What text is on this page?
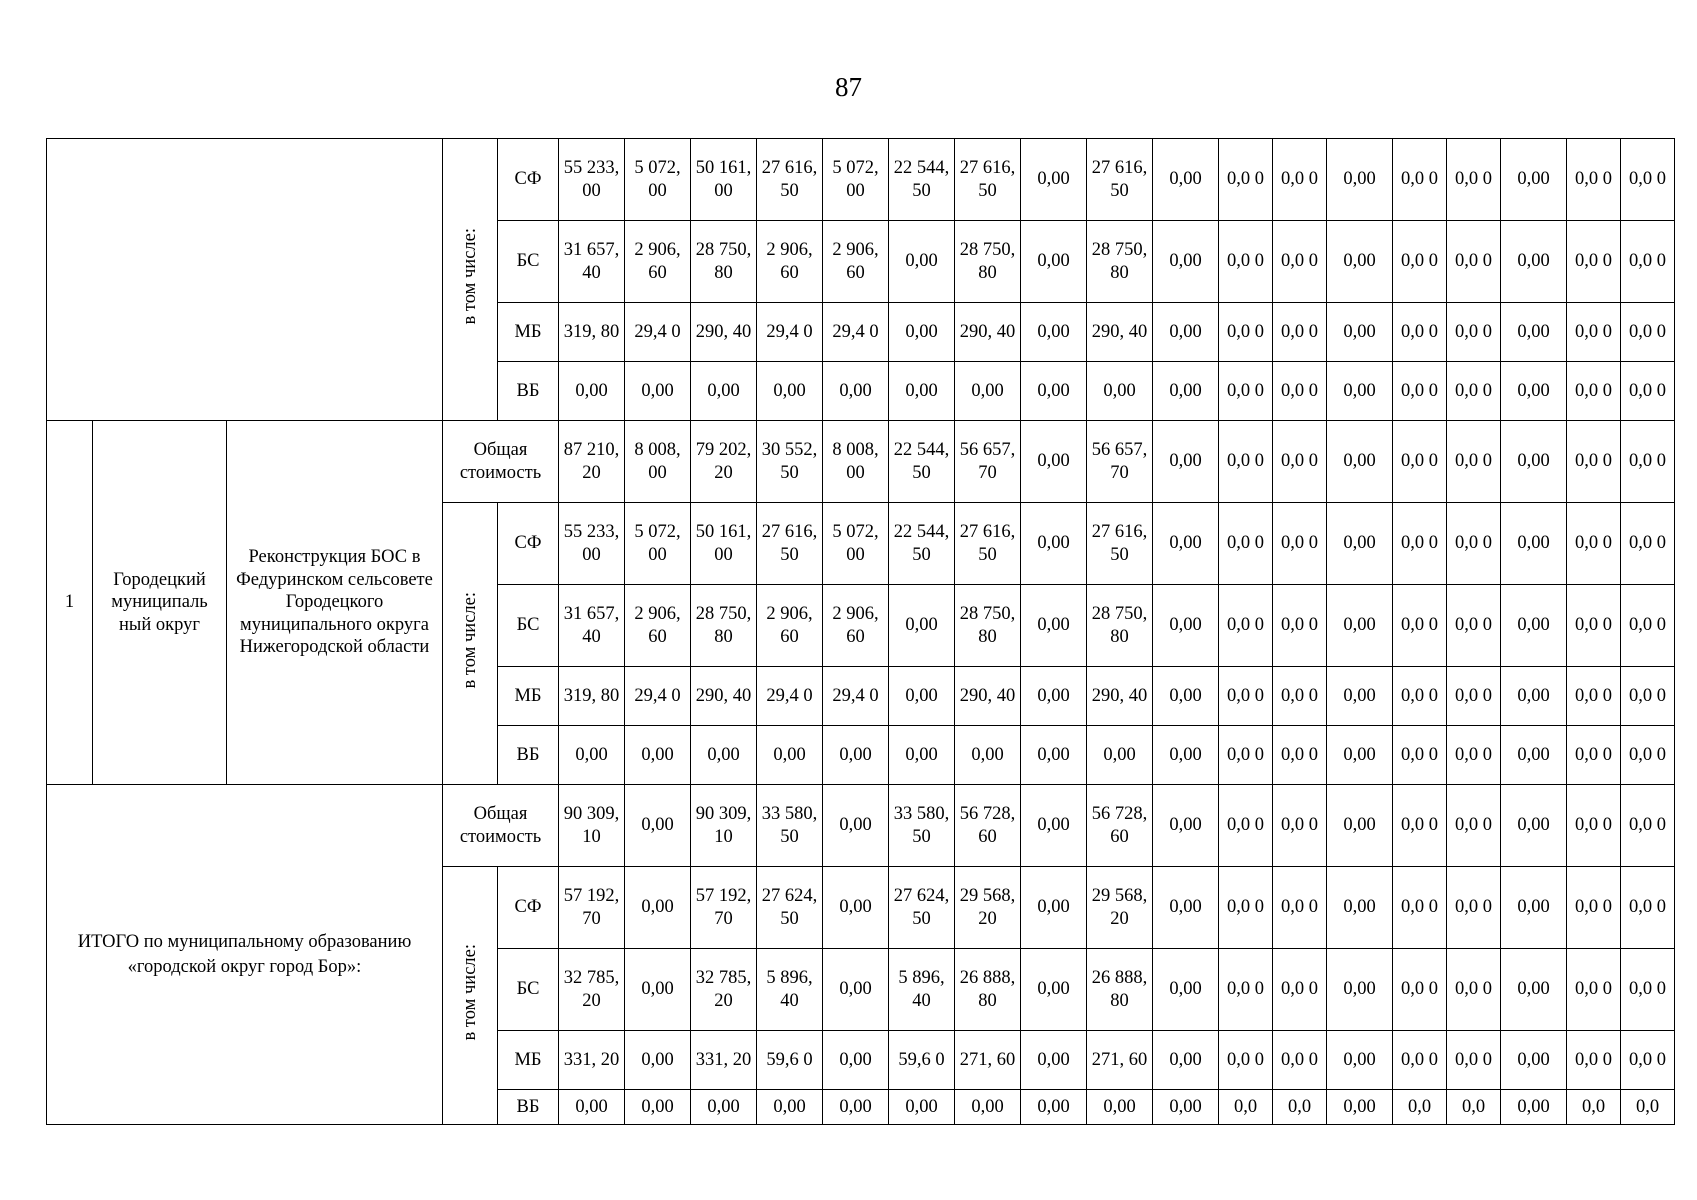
87
			в том числе:	СФ	55 233, 00	5 072, 00	50 161, 00	27 616, 50	5 072, 00	22 544, 50	27 616, 50	0,00	27 616, 50	0,00	0,0 0	0,0 0	0,00	0,0 0	0,0 0	0,00	0,0 0	0,0 0
				БС	31 657, 40	2 906, 60	28 750, 80	2 906, 60	2 906, 60	0,00	28 750, 80	0,00	28 750, 80	0,00	0,0 0	0,0 0	0,00	0,0 0	0,0 0	0,00	0,0 0	0,0 0
				МБ	319, 80	29,4 0	290, 40	29,4 0	29,4 0	0,00	290, 40	0,00	290, 40	0,00	0,0 0	0,0 0	0,00	0,0 0	0,0 0	0,00	0,0 0	0,0 0
				ВБ	0,00	0,00	0,00	0,00	0,00	0,00	0,00	0,00	0,00	0,00	0,0 0	0,0 0	0,00	0,0 0	0,0 0	0,00	0,0 0	0,0 0
1	Городецкий муниципаль ный округ	Реконструкция БОС в Федуринском сельсовете Городецкого муниципального округа Нижегородской области	Общая стоимость		87 210, 20	8 008, 00	79 202, 20	30 552, 50	8 008, 00	22 544, 50	56 657, 70	0,00	56 657, 70	0,00	0,0 0	0,0 0	0,00	0,0 0	0,0 0	0,00	0,0 0	0,0 0
			в том числе:	СФ	55 233, 00	5 072, 00	50 161, 00	27 616, 50	5 072, 00	22 544, 50	27 616, 50	0,00	27 616, 50	0,00	0,0 0	0,0 0	0,00	0,0 0	0,0 0	0,00	0,0 0	0,0 0
				БС	31 657, 40	2 906, 60	28 750, 80	2 906, 60	2 906, 60	0,00	28 750, 80	0,00	28 750, 80	0,00	0,0 0	0,0 0	0,00	0,0 0	0,0 0	0,00	0,0 0	0,0 0
				МБ	319, 80	29,4 0	290, 40	29,4 0	29,4 0	0,00	290, 40	0,00	290, 40	0,00	0,0 0	0,0 0	0,00	0,0 0	0,0 0	0,00	0,0 0	0,0 0
				ВБ	0,00	0,00	0,00	0,00	0,00	0,00	0,00	0,00	0,00	0,00	0,0 0	0,0 0	0,00	0,0 0	0,0 0	0,00	0,0 0	0,0 0
ИТОГО по муниципальному образованию «городской округ город Бор»:			Общая стоимость		90 309, 10	0,00	90 309, 10	33 580, 50	0,00	33 580, 50	56 728, 60	0,00	56 728, 60	0,00	0,0 0	0,0 0	0,00	0,0 0	0,0 0	0,00	0,0 0	0,0 0
			в том числе:	СФ	57 192, 70	0,00	57 192, 70	27 624, 50	0,00	27 624, 50	29 568, 20	0,00	29 568, 20	0,00	0,0 0	0,0 0	0,00	0,0 0	0,0 0	0,00	0,0 0	0,0 0
				БС	32 785, 20	0,00	32 785, 20	5 896, 40	0,00	5 896, 40	26 888, 80	0,00	26 888, 80	0,00	0,0 0	0,0 0	0,00	0,0 0	0,0 0	0,00	0,0 0	0,0 0
				МБ	331, 20	0,00	331, 20	59,6 0	0,00	59,6 0	271, 60	0,00	271, 60	0,00	0,0 0	0,0 0	0,00	0,0 0	0,0 0	0,00	0,0 0	0,0 0
				ВБ	0,00	0,00	0,00	0,00	0,00	0,00	0,00	0,00	0,00	0,00	0,0	0,0	0,00	0,0	0,0	0,00	0,0	0,0
